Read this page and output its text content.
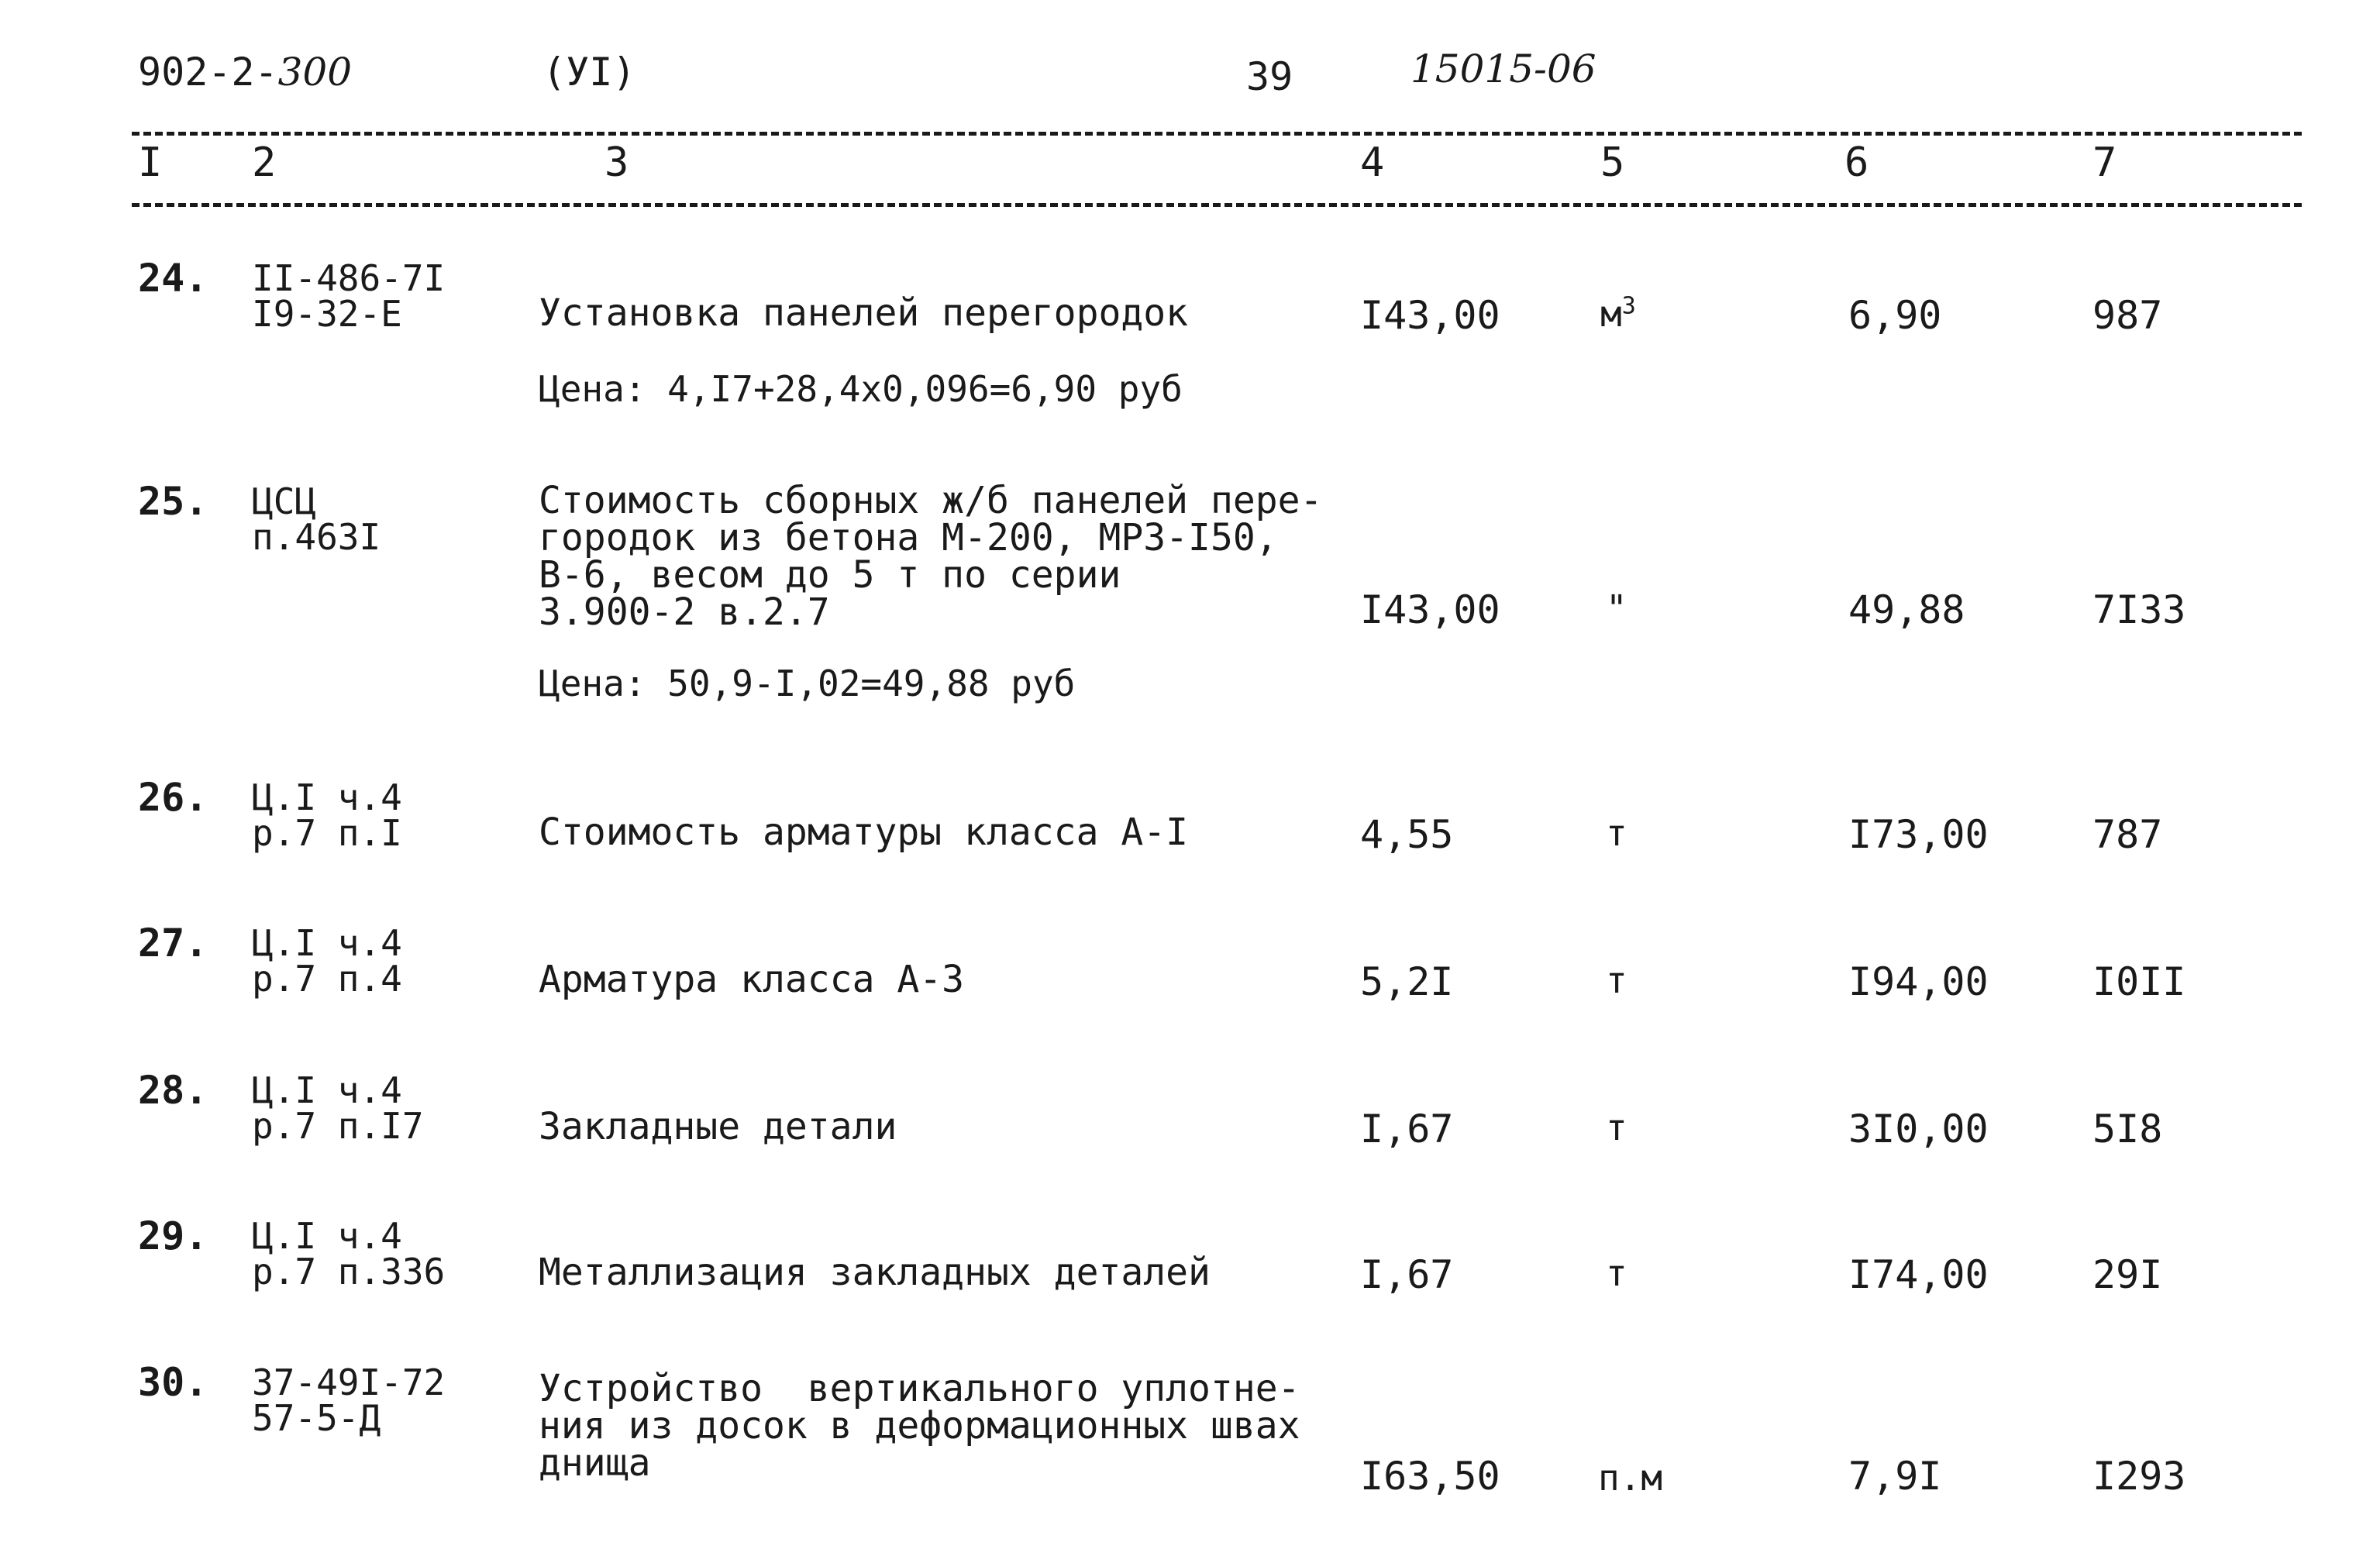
902-2-300	(УI)	39	15015-06
I 2	3	4	5	6	7
24. II-486-7I
I9-32-E	Установка панелей перегородок
Цена: 4,I7+28,4x0,096=6,90 руб
I43,00	$м^3$	6,90	987
25. ЦСЦ
п.463I
Стоимость сборных ж/б панелей пере-
городок из бетона М-200, МРЗ-I50,
В-6, весом до 5 т по серии
3.900-2 в.2.7
Цена: 50,9-I,02=49,88 руб
I43,00	"	49,88	7I33
26. Ц.I ч.4
р.7 п.I	Стоимость арматуры класса А-I	4,55	т	I73,00	787
27. Ц.I ч.4
р.7 п.4	Арматура класса А-3	5,2I	т	I94,00	I0II
28. Ц.I ч.4
р.7 п.I7	Закладные детали	I,67	т	3I0,00	5I8
29. Ц.I ч.4
р.7 п.336	Металлизация закладных деталей	I,67	т	I74,00	29I
30. 37-49I-72
57-5-Д
Устройство  вертикального уплотне-
ния из досок в деформационных швах
днища	I63,50	п.м	7,9I	I293
